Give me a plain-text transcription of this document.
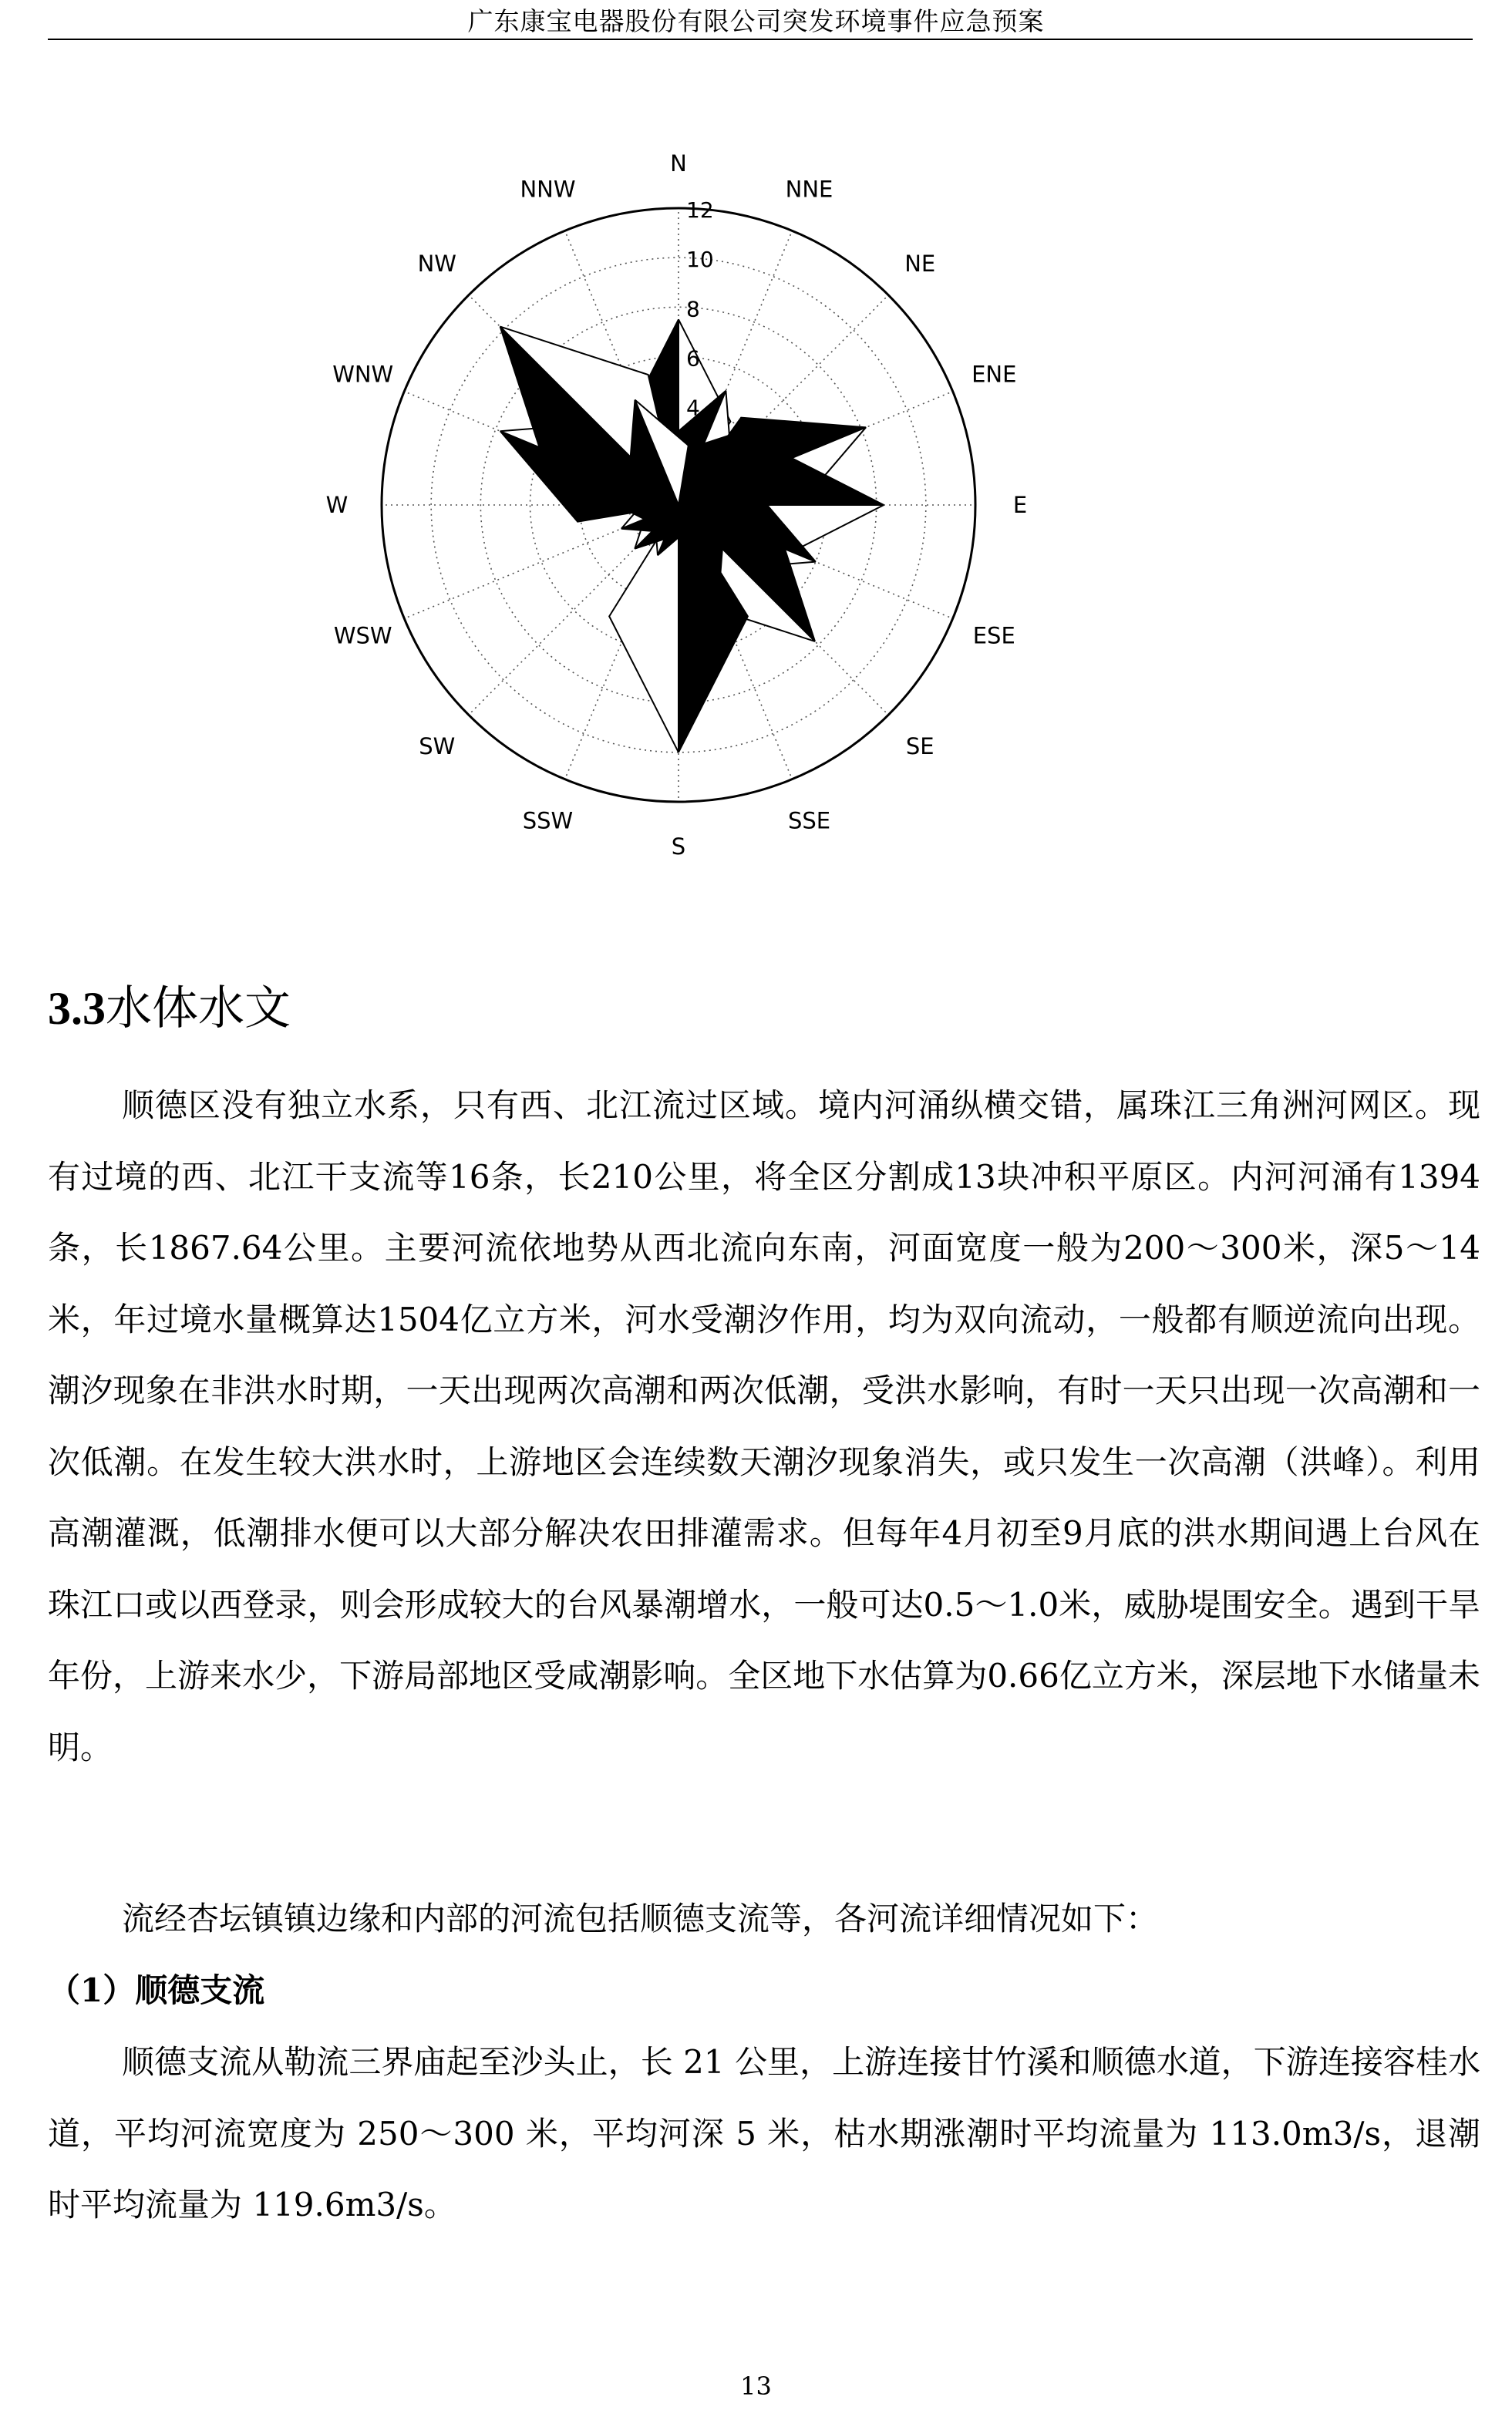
广东康宝电器股份有限公司突发环境事件应急预案
2
4
6
8
10
12
N
NNE
NE
ENE
E
ESE
SE
SSE
S
SSW
SW
WSW
W
WNW
NW
NNW
3.3水体水文

顺德区没有独立水系，只有西、北江流过区域。境内河涌纵横交错，属珠江三角洲河网区。现有过境的西、北江干支流等16条，长210公里，将全区分割成13块冲积平原区。内河河涌有1394条，长1867.64公里。主要河流依地势从西北流向东南，河面宽度一般为200～300米，深5～14米，年过境水量概算达1504亿立方米，河水受潮汐作用，均为双向流动，一般都有顺逆流向出现。潮汐现象在非洪水时期，一天出现两次高潮和两次低潮，受洪水影响，有时一天只出现一次高潮和一次低潮。在发生较大洪水时，上游地区会连续数天潮汐现象消失，或只发生一次高潮（洪峰）。利用高潮灌溉，低潮排水便可以大部分解决农田排灌需求。但每年4月初至9月底的洪水期间遇上台风在珠江口或以西登录，则会形成较大的台风暴潮增水，一般可达0.5～1.0米，威胁堤围安全。遇到干旱年份，上游来水少，下游局部地区受咸潮影响。全区地下水估算为0.66亿立方米，深层地下水储量未明。

流经杏坛镇镇边缘和内部的河流包括顺德支流等，各河流详细情况如下：

（1）顺德支流

顺德支流从勒流三界庙起至沙头止，长 21 公里，上游连接甘竹溪和顺德水道，下游连接容桂水道，平均河流宽度为 250～300 米，平均河深 5 米，枯水期涨潮时平均流量为 113.0m3/s，退潮时平均流量为 119.6m3/s。

13
